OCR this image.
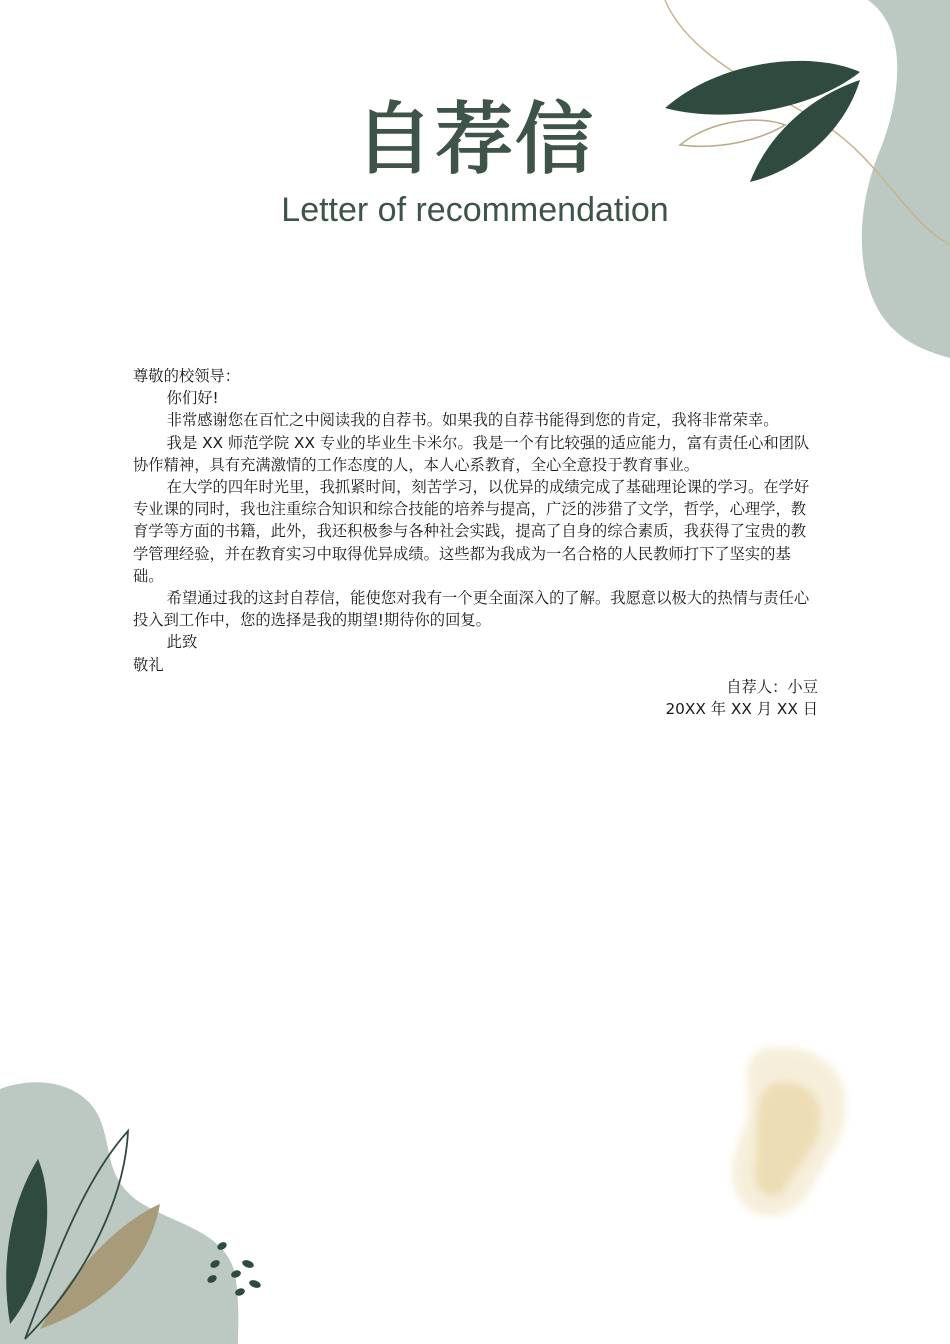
自荐信
Letter of recommendation

尊敬的校领导：

你们好!

非常感谢您在百忙之中阅读我的自荐书。如果我的自荐书能得到您的肯定，我将非常荣幸。

我是 XX 师范学院 XX 专业的毕业生卡米尔。我是一个有比较强的适应能力，富有责任心和团队协作精神，具有充满激情的工作态度的人，本人心系教育，全心全意投于教育事业。

在大学的四年时光里，我抓紧时间，刻苦学习，以优异的成绩完成了基础理论课的学习。在学好专业课的同时，我也注重综合知识和综合技能的培养与提高，广泛的涉猎了文学，哲学，心理学，教育学等方面的书籍，此外，我还积极参与各种社会实践，提高了自身的综合素质，我获得了宝贵的教学管理经验，并在教育实习中取得优异成绩。这些都为我成为一名合格的人民教师打下了坚实的基础。

希望通过我的这封自荐信，能使您对我有一个更全面深入的了解。我愿意以极大的热情与责任心投入到工作中，您的选择是我的期望!期待你的回复。

此致

敬礼

自荐人：小豆

20XX 年 XX 月 XX 日
